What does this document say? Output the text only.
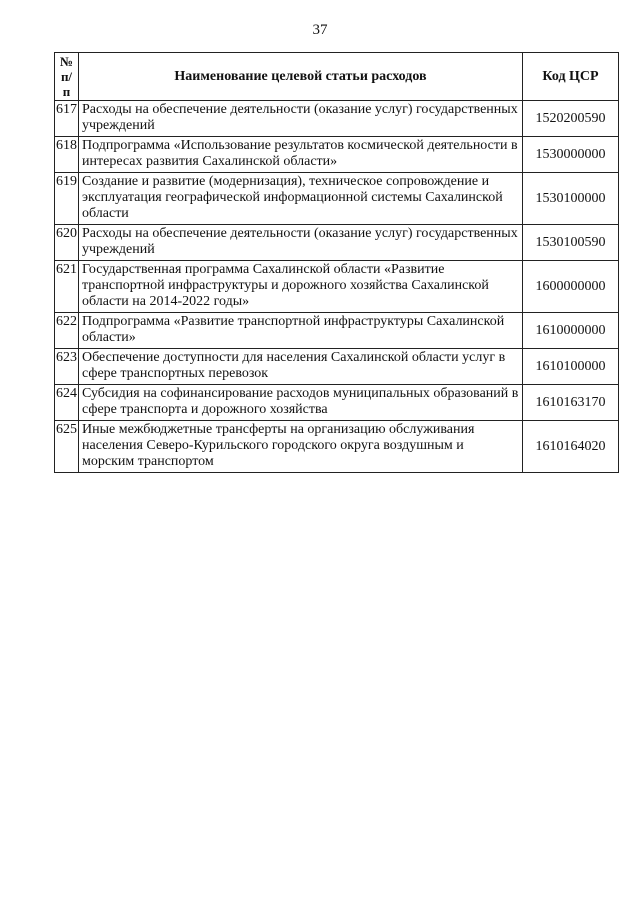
37
№ п/п	Наименование целевой статьи расходов	Код ЦСР
617	Расходы на обеспечение деятельности (оказание услуг) государственных учреждений	1520200590
618	Подпрограмма «Использование результатов космической деятельности в интересах развития Сахалинской области»	1530000000
619	Создание и развитие (модернизация), техническое сопровождение и эксплуатация географической информационной системы Сахалинской области	1530100000
620	Расходы на обеспечение деятельности (оказание услуг) государственных учреждений	1530100590
621	Государственная программа Сахалинской области «Развитие транспортной инфраструктуры и дорожного хозяйства Сахалинской области на 2014-2022 годы»	1600000000
622	Подпрограмма «Развитие транспортной инфраструктуры Сахалинской области»	1610000000
623	Обеспечение доступности для населения Сахалинской области услуг в сфере транспортных перевозок	1610100000
624	Субсидия на софинансирование расходов муниципальных образований в сфере транспорта и дорожного хозяйства	1610163170
625	Иные межбюджетные трансферты на организацию обслуживания населения Северо-Курильского городского округа воздушным и морским транспортом	1610164020
